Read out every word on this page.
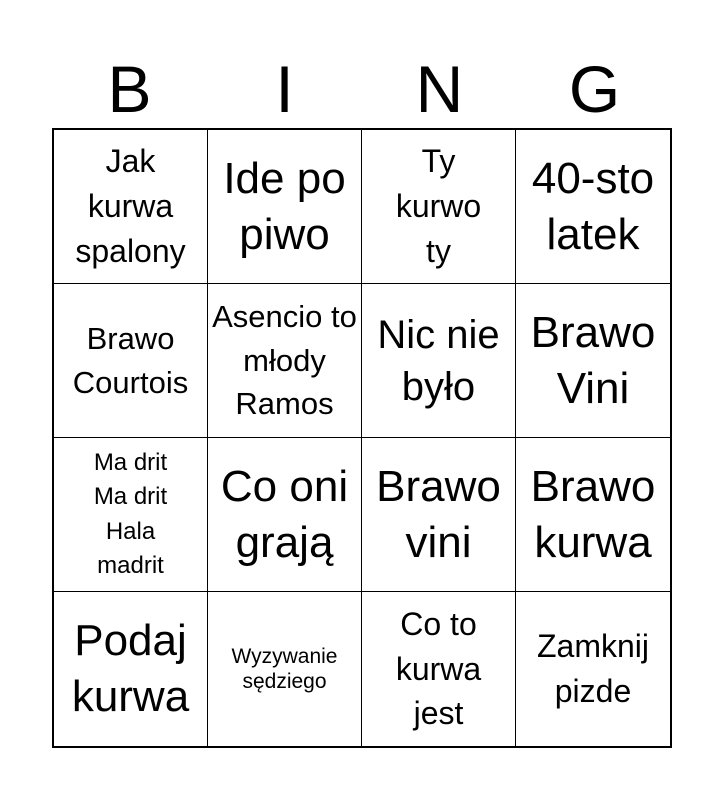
B	I	N	G
Jak kurwa spalony
Ide po piwo
Ty kurwo ty
40-sto latek
Brawo Courtois
Asencio to młody Ramos
Nic nie było
Brawo Vini
Ma drit Ma drit Hala madrit
Co oni grają
Brawo vini
Brawo kurwa
Podaj kurwa
Wyzywanie sędziego
Co to kurwa jest
Zamknij pizde
